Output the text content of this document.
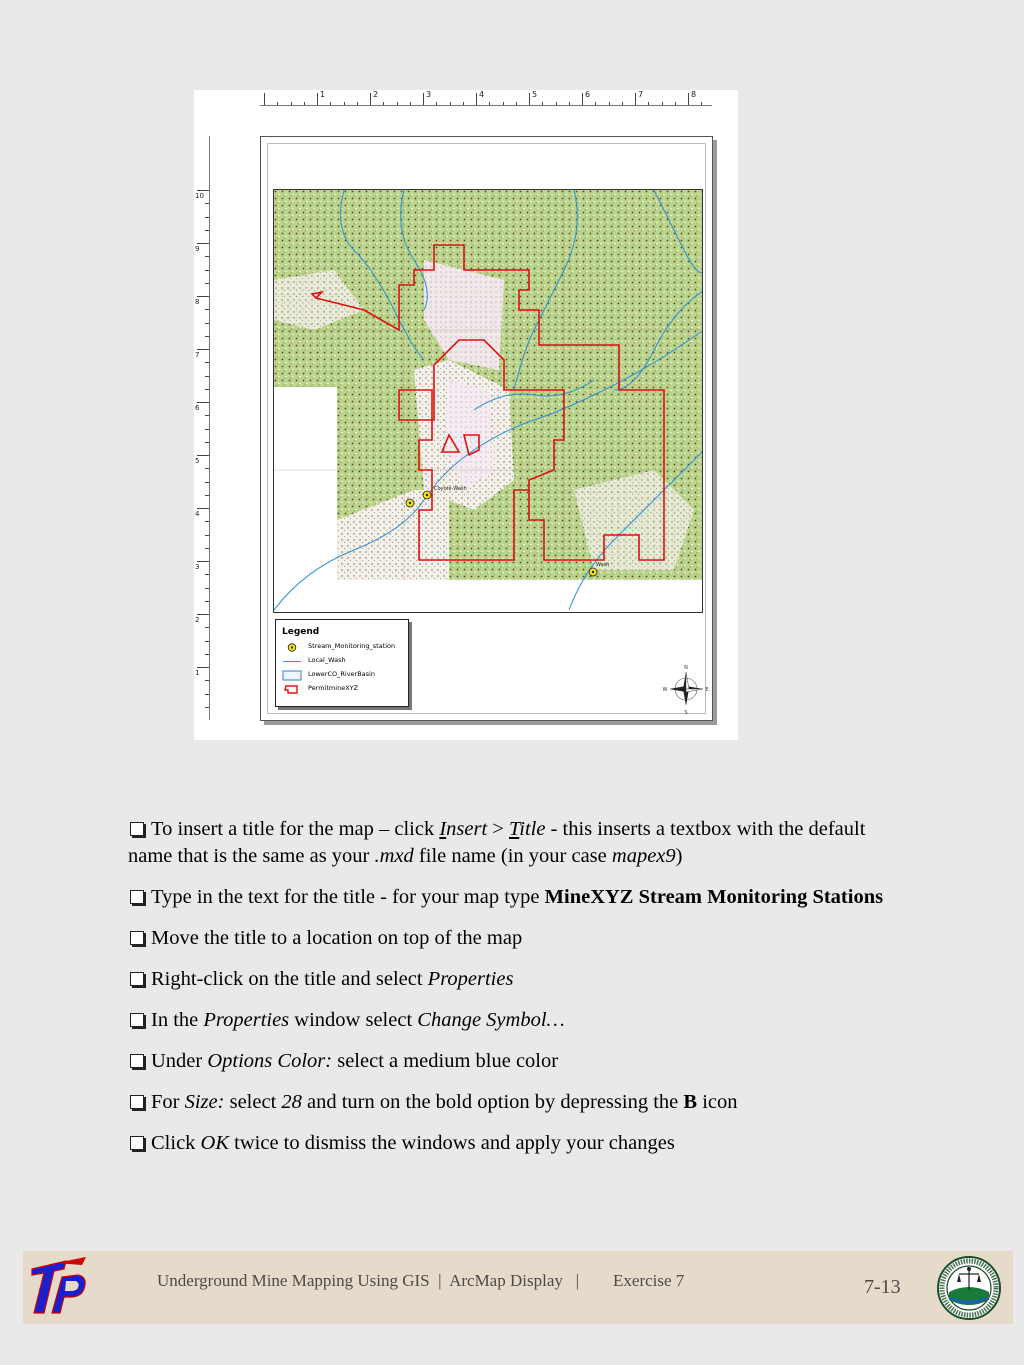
1	2	3	4	5	6	7	8
10
9
8
7
6
5
4
3
2
1
Coyote Wash
Wash
Legend
Stream_Monitoring_station
Local_Wash
LowerCO_RiverBasin
PermitmineXYZ
N
S
E
W
To insert a title for the map – click Insert > Title - this inserts a textbox with the default name that is the same as your .mxd file name (in your case mapex9)
Type in the text for the title - for your map type MineXYZ Stream Monitoring Stations
Move the title to a location on top of the map
Right-click on the title and select Properties
In the Properties window select Change Symbol…
Under Options Color: select a medium blue color
For Size: select 28 and turn on the bold option by depressing the B icon
Click OK twice to dismiss the windows and apply your changes
Underground Mine Mapping Using GIS  |  ArcMap Display   |        Exercise 7	7-13
